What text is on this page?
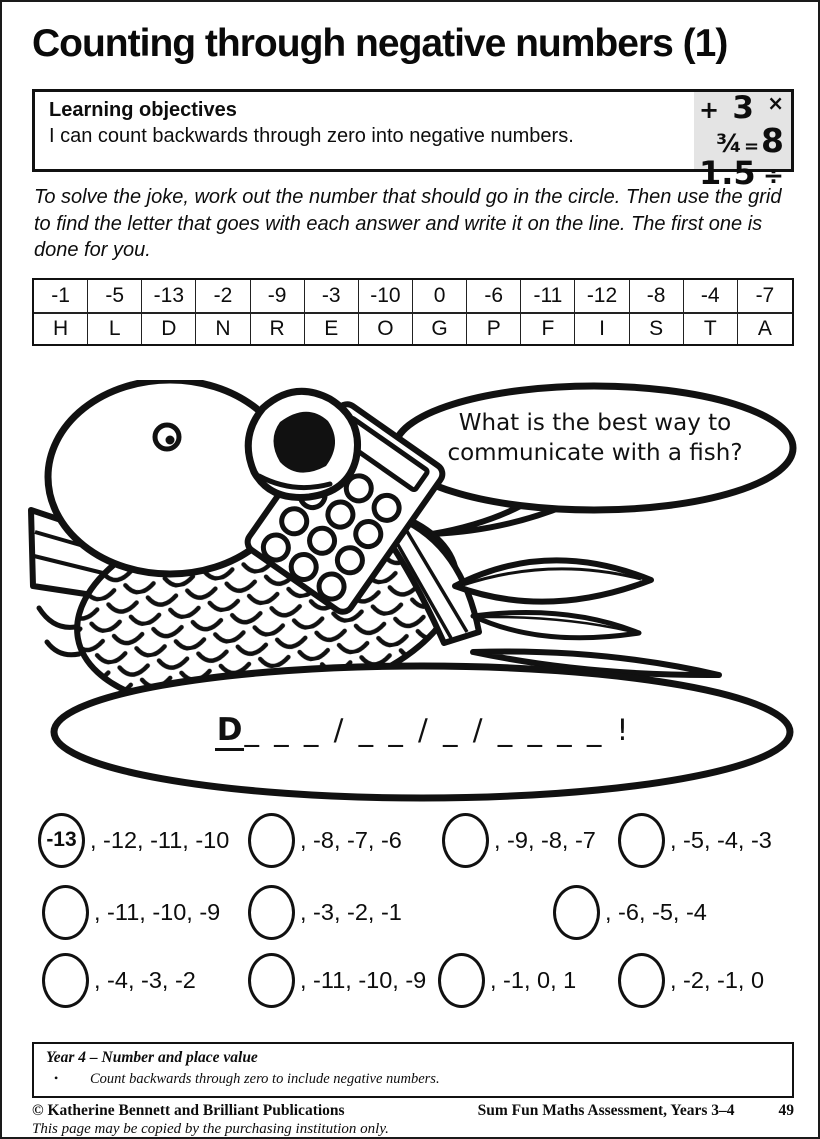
Counting through negative numbers (1)
Learning objectives
I can count backwards through zero into negative numbers.
+ 3 ×
¾ = 8
1.5 ÷
To solve the joke, work out the number that should go in the circle. Then use the grid to find the letter that goes with each answer and write it on the line. The first one is done for you.
-1	-5	-13	-2	-9	-3	-10	0	-6	-11	-12	-8	-4	-7
H	L	D	N	R	E	O	G	P	F	I	S	T	A
What is the best way to
communicate with a fish?
D_ _ _ / _ _ / _ / _ _ _ _ !
-13 , -12, -11, -10	, -8, -7, -6	, -9, -8, -7	, -5, -4, -3
, -11, -10, -9	, -3, -2, -1	, -6, -5, -4
, -4, -3, -2	, -11, -10, -9	, -1, 0, 1	, -2, -1, 0
Year 4 – Number and place value
•	Count backwards through zero to include negative numbers.
© Katherine Bennett and Brilliant Publications	Sum Fun Maths Assessment, Years 3–4	49
This page may be copied by the purchasing institution only.
